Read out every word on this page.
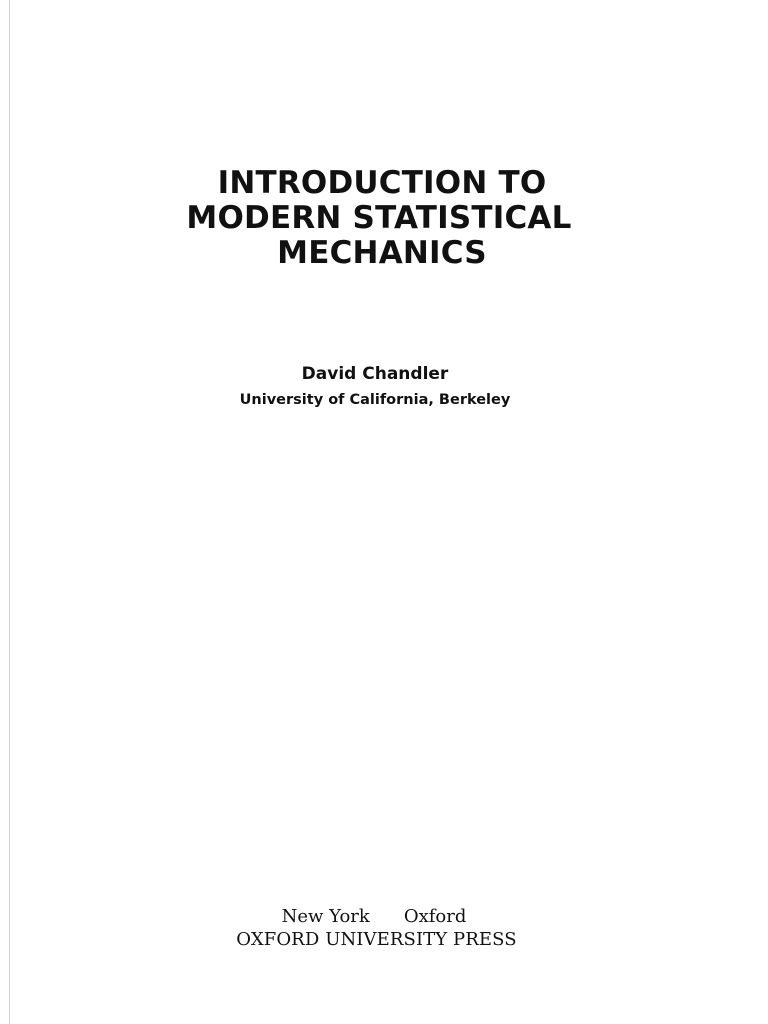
INTRODUCTION TO
MODERN STATISTICAL
MECHANICS
David Chandler
University of California, Berkeley
New York Oxford
OXFORD UNIVERSITY PRESS
